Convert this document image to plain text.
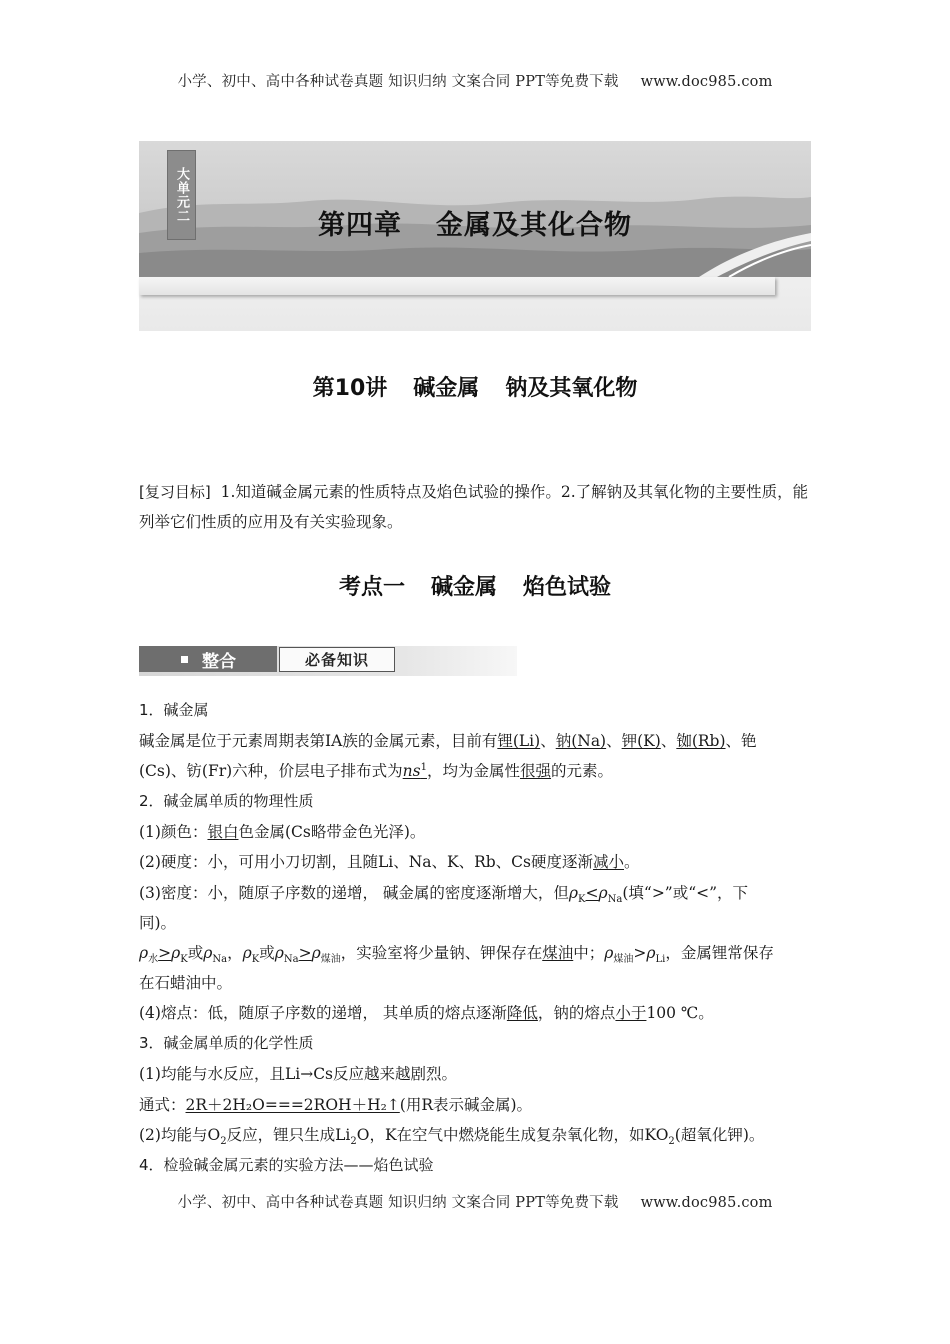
小学、初中、高中各种试卷真题 知识归纳 文案合同 PPT等免费下载 www.doc985.com
大单元二
第四章 金属及其化合物
第10讲 碱金属 钠及其氧化物
[复习目标] 1.知道碱金属元素的性质特点及焰色试验的操作。2.了解钠及其氧化物的主要性质，能列举它们性质的应用及有关实验现象。
考点一 碱金属 焰色试验
整合	必备知识
1．碱金属
碱金属是位于元素周期表第ⅠA族的金属元素，目前有锂(Li)、钠(Na)、钾(K)、铷(Rb)、铯
(Cs)、钫(Fr)六种，价层电子排布式为$ns^1$，均为金属性很强的元素。
2．碱金属单质的物理性质
(1)颜色：银白色金属(Cs略带金色光泽)。
(2)硬度：小，可用小刀切割，且随Li、Na、K、Rb、Cs硬度逐渐减小。
(3)密度：小，随原子序数的递增， 碱金属的密度逐渐增大，但$\rho_K<\rho_{Na}$(填“>”或“<”，下
同)。
$\rho_水>\rho_K$或$\rho_{Na}$，$\rho_K$或$\rho_{Na}>\rho_{煤油}$，实验室将少量钠、钾保存在煤油中；$\rho_{煤油}>\rho_{Li}$，金属锂常保存
在石蜡油中。
(4)熔点：低，随原子序数的递增， 其单质的熔点逐渐降低，钠的熔点小于100 ℃。
3．碱金属单质的化学性质
(1)均能与水反应，且Li→Cs反应越来越剧烈。
通式：2R＋2H₂O===2ROH＋H₂↑(用R表示碱金属)。
(2)均能与$O_2$反应，锂只生成$Li_2O$，K在空气中燃烧能生成复杂氧化物，如$KO_2$(超氧化钾)。
4．检验碱金属元素的实验方法——焰色试验
小学、初中、高中各种试卷真题 知识归纳 文案合同 PPT等免费下载 www.doc985.com
